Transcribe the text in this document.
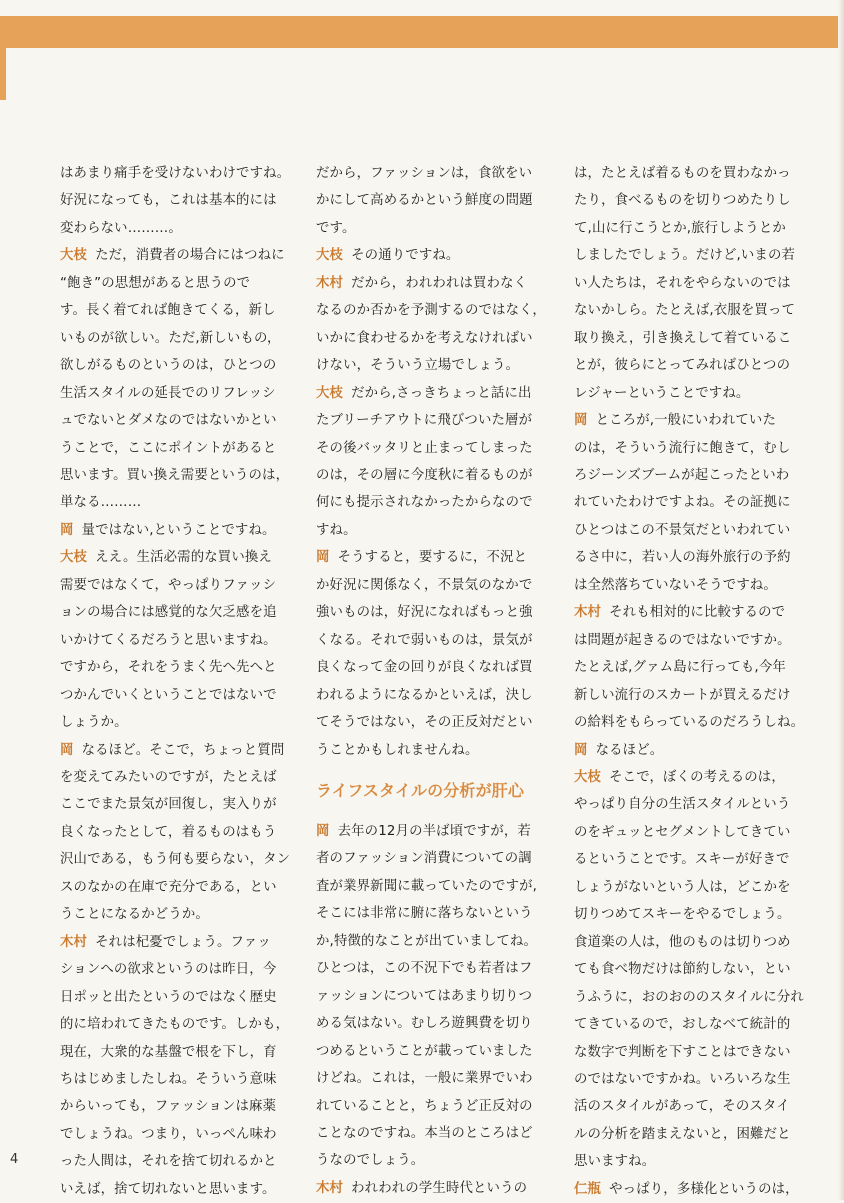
はあまり痛手を受けないわけですね。
好況になっても，これは基本的には
変わらない………。

大枝 ただ，消費者の場合にはつねに
“飽き”の思想があると思うので
す。長く着てれば飽きてくる，新し
いものが欲しい。ただ,新しいもの，
欲しがるものというのは，ひとつの
生活スタイルの延長でのリフレッシ
ュでないとダメなのではないかとい
うことで，ここにポイントがあると
思います。買い換え需要というのは，
単なる………

岡 量ではない,ということですね。

大枝 ええ。生活必需的な買い換え
需要ではなくて，やっぱりファッシ
ョンの場合には感覚的な欠乏感を追
いかけてくるだろうと思いますね。
ですから，それをうまく先へ先へと
つかんでいくということではないで
しょうか。

岡 なるほど。そこで，ちょっと質問
を変えてみたいのですが，たとえば
ここでまた景気が回復し，実入りが
良くなったとして，着るものはもう
沢山である，もう何も要らない，タン
スのなかの在庫で充分である，とい
うことになるかどうか。

木村 それは杞憂でしょう。ファッ
ションへの欲求というのは昨日，今
日ポッと出たというのではなく歴史
的に培われてきたものです。しかも，
現在，大衆的な基盤で根を下し，育
ちはじめましたしね。そういう意味
からいっても，ファッションは麻薬
でしょうね。つまり，いっぺん味わ
った人間は，それを捨て切れるかと
いえば，捨て切れないと思います。

だから，ファッションは，食欲をい
かにして高めるかという鮮度の問題
です。

大枝 その通りですね。

木村 だから，われわれは買わなく
なるのか否かを予測するのではなく，
いかに食わせるかを考えなければい
けない，そういう立場でしょう。

大枝 だから,さっきちょっと話に出
たブリーチアウトに飛びついた層が
その後バッタリと止まってしまった
のは，その層に今度秋に着るものが
何にも提示されなかったからなので
すね。

岡 そうすると，要するに，不況と
か好況に関係なく，不景気のなかで
強いものは，好況になればもっと強
くなる。それで弱いものは，景気が
良くなって金の回りが良くなれば買
われるようになるかといえば，決し
てそうではない，その正反対だとい
うことかもしれませんね。

ライフスタイルの分析が肝心

岡 去年の12月の半ば頃ですが，若
者のファッション消費についての調
査が業界新聞に載っていたのですが,
そこには非常に腑に落ちないという
か,特徴的なことが出ていましてね。
ひとつは，この不況下でも若者はフ
ァッションについてはあまり切りつ
める気はない。むしろ遊興費を切り
つめるということが載っていました
けどね。これは，一般に業界でいわ
れていることと，ちょうど正反対の
ことなのですね。本当のところはど
うなのでしょう。

木村 われわれの学生時代というの

は，たとえば着るものを買わなかっ
たり，食べるものを切りつめたりし
て,山に行こうとか,旅行しようとか
しましたでしょう。だけど,いまの若
い人たちは，それをやらないのでは
ないかしら。たとえば,衣服を買って
取り換え，引き換えして着ているこ
とが，彼らにとってみればひとつの
レジャーということですね。

岡 ところが,一般にいわれていた
のは，そういう流行に飽きて，むし
ろジーンズブームが起こったといわ
れていたわけですよね。その証拠に
ひとつはこの不景気だといわれてい
るさ中に，若い人の海外旅行の予約
は全然落ちていないそうですね。

木村 それも相対的に比較するので
は問題が起きるのではないですか。
たとえば,グァム島に行っても,今年
新しい流行のスカートが買えるだけ
の給料をもらっているのだろうしね。

岡 なるほど。

大枝 そこで，ぼくの考えるのは，
やっぱり自分の生活スタイルという
のをギュッとセグメントしてきてい
るということです。スキーが好きで
しょうがないという人は，どこかを
切りつめてスキーをやるでしょう。
食道楽の人は，他のものは切りつめ
ても食べ物だけは節約しない，とい
うふうに，おのおののスタイルに分れ
てきているので，おしなべて統計的
な数字で判断を下すことはできない
のではないですかね。いろいろな生
活のスタイルがあって，そのスタイ
ルの分析を踏まえないと，困難だと
思いますね。

仁瓶 やっぱり，多様化というのは，

4
